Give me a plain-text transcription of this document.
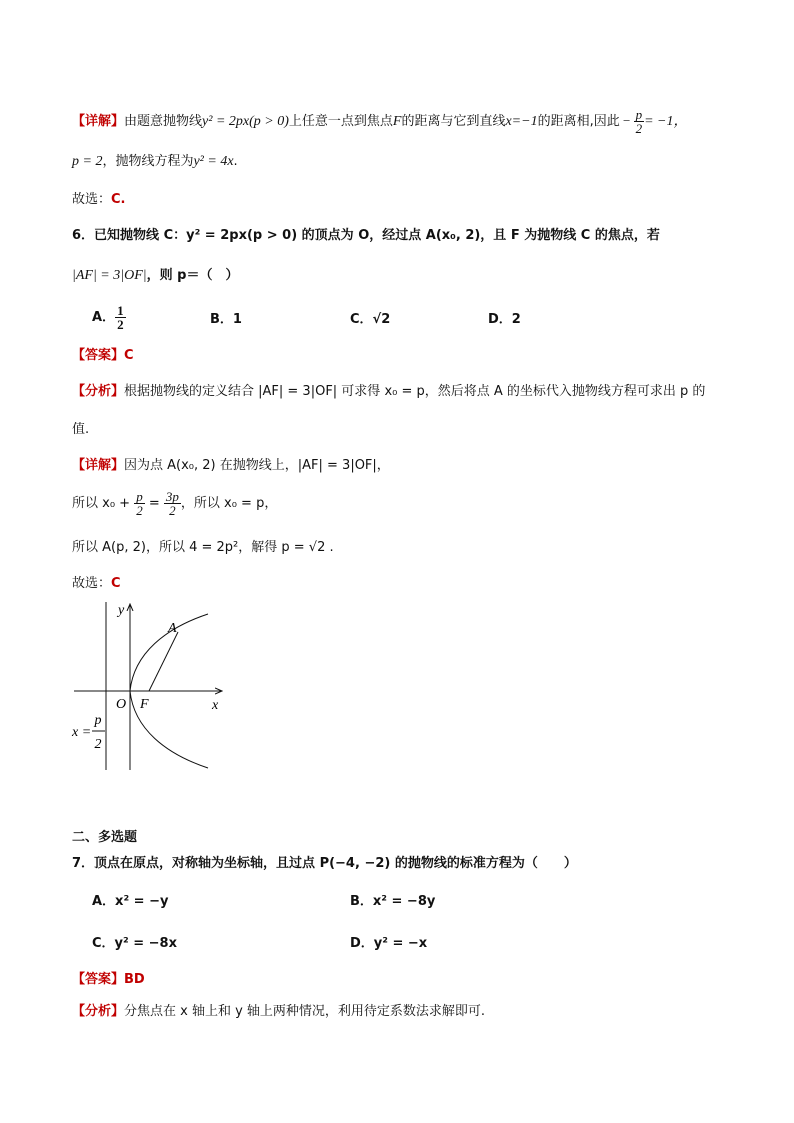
【详解】由题意抛物线y² = 2px(p > 0)上任意一点到焦点F的距离与它到直线x=−1的距离相,因此 − $\frac{p}{2} = -1$，
p = 2，抛物线方程为y² = 4x.
故选：C.
6．已知抛物线 C：y² = 2px(p > 0) 的顶点为 O，经过点 A(x₀, 2)，且 F 为抛物线 C 的焦点，若
|AF| = 3|OF|，则 p＝（　）
A． $\frac{1}{2}$	B．1	C．√2	D．2
【答案】C
【分析】根据抛物线的定义结合 |AF| = 3|OF| 可求得 x₀ = p，然后将点 A 的坐标代入抛物线方程可求出 p 的
值.
【详解】因为点 A(x₀, 2) 在抛物线上，|AF| = 3|OF|，
所以 $x_0 + \frac{p}{2} = \frac{3p}{2}$ ，所以 x₀ = p，
所以 A(p, 2)，所以 4 = 2p²，解得 p = √2 .
故选：C
y
x
A
O F
x =
p
2
二、多选题
7．顶点在原点，对称轴为坐标轴，且过点 P(−4, −2) 的抛物线的标准方程为（　　）
A．x² = −y	B．x² = −8y
C．y² = −8x	D．y² = −x
【答案】BD
【分析】分焦点在 x 轴上和 y 轴上两种情况，利用待定系数法求解即可.
